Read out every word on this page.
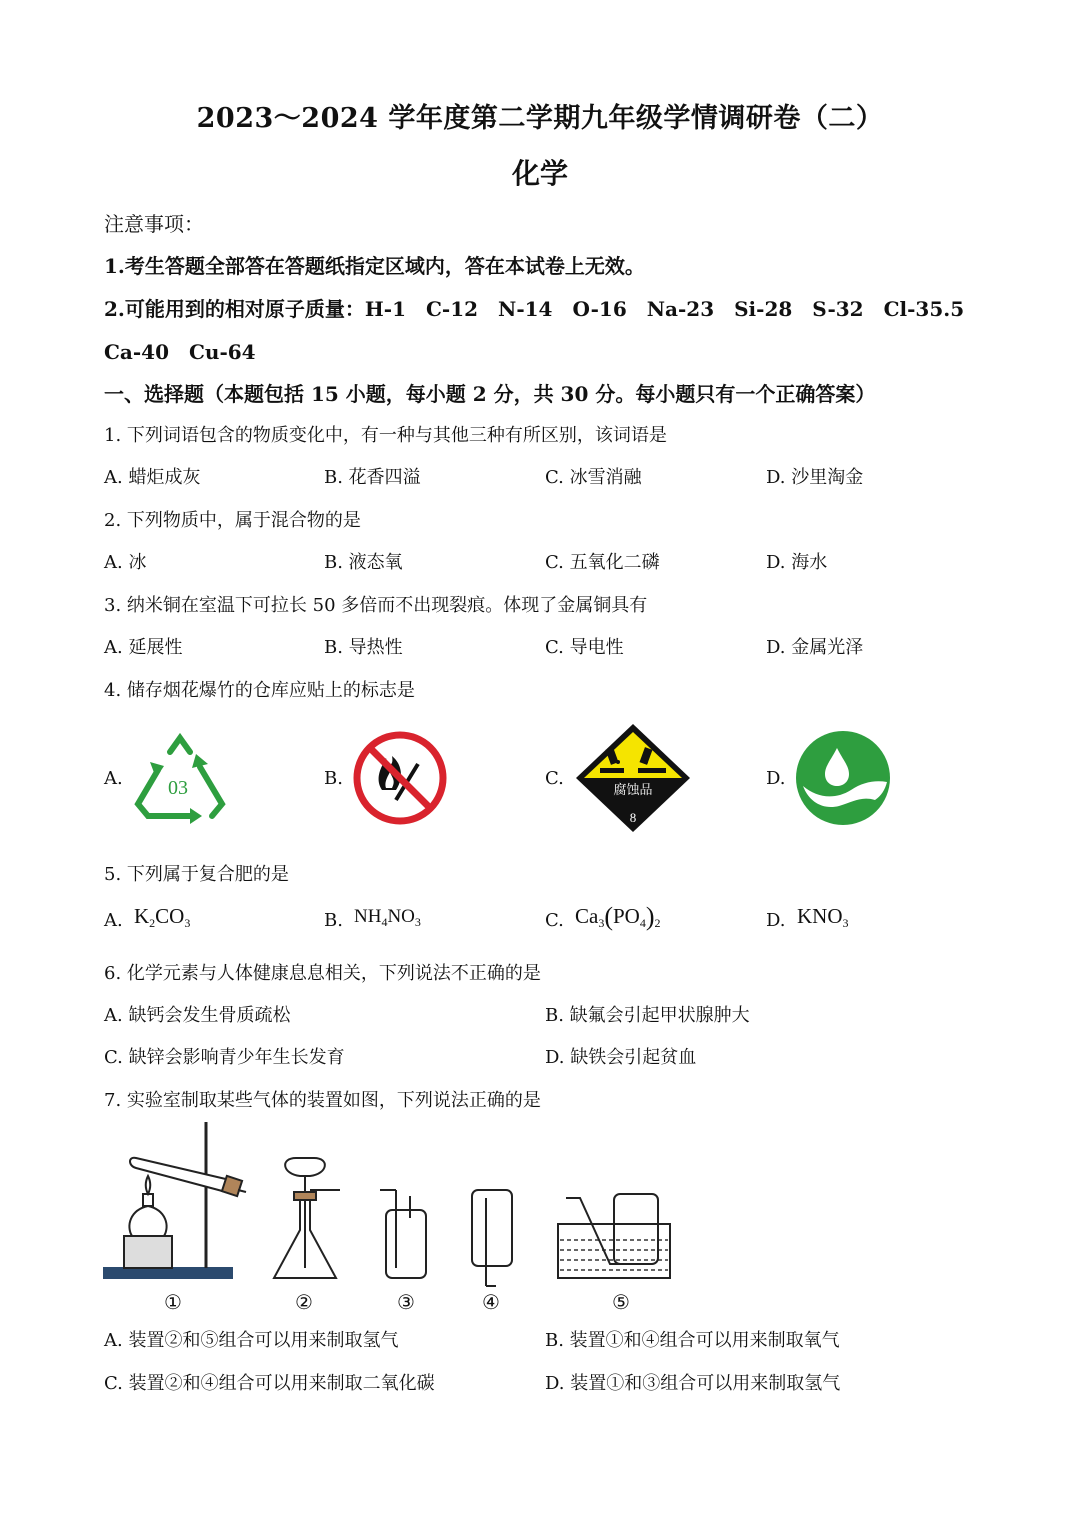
2023～2024 学年度第二学期九年级学情调研卷（二）
化学
注意事项：
1.考生答题全部答在答题纸指定区域内，答在本试卷上无效。
2.可能用到的相对原子质量：H-1　C-12　N-14　O-16　Na-23　Si-28　S-32　Cl-35.5
Ca-40　Cu-64
一、选择题（本题包括 15 小题，每小题 2 分，共 30 分。每小题只有一个正确答案）
1. 下列词语包含的物质变化中，有一种与其他三种有所区别，该词语是
A. 蜡炬成灰	B. 花香四溢	C. 冰雪消融	D. 沙里淘金
2. 下列物质中，属于混合物的是
A. 冰	B. 液态氧	C. 五氧化二磷	D. 海水
3. 纳米铜在室温下可拉长 50 多倍而不出现裂痕。体现了金属铜具有
A. 延展性	B. 导热性	C. 导电性	D. 金属光泽
4. 储存烟花爆竹的仓库应贴上的标志是
A.	B.	C.	D.
03	腐蚀品
8
5. 下列属于复合肥的是
A. $K_2CO_3$	B. $NH_4NO_3$	C. $Ca_3(PO_4)_2$	D. $KNO_3$
6. 化学元素与人体健康息息相关，下列说法不正确的是
A. 缺钙会发生骨质疏松	B. 缺氟会引起甲状腺肿大
C. 缺锌会影响青少年生长发育	D. 缺铁会引起贫血
7. 实验室制取某些气体的装置如图，下列说法正确的是
①	②	③	④	⑤
A. 装置②和⑤组合可以用来制取氢气	B. 装置①和④组合可以用来制取氧气
C. 装置②和④组合可以用来制取二氧化碳	D. 装置①和③组合可以用来制取氢气
